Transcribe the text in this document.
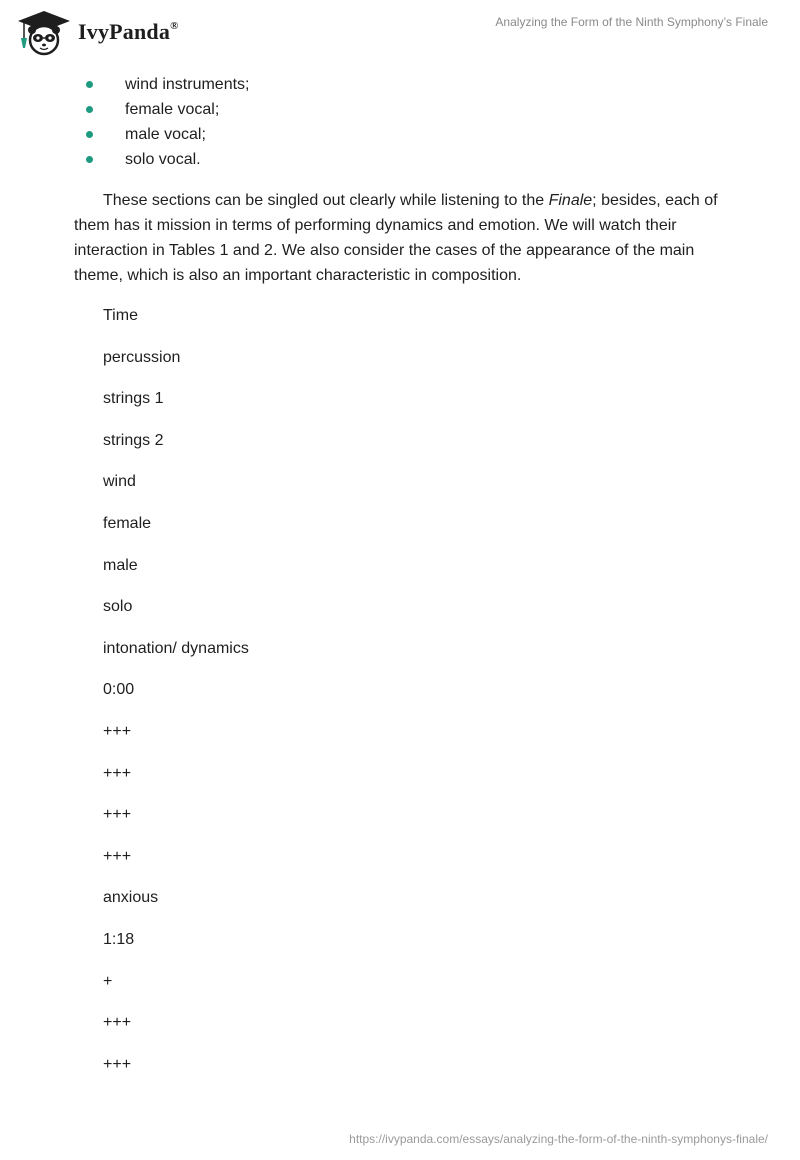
IvyPanda®	Analyzing the Form of the Ninth Symphony’s Finale
wind instruments;
female vocal;
male vocal;
solo vocal.

These sections can be singled out clearly while listening to the Finale; besides, each of them has it mission in terms of performing dynamics and emotion. We will watch their interaction in Tables 1 and 2. We also consider the cases of the appearance of the main theme, which is also an important characteristic in composition.

Time
percussion
strings 1
strings 2
wind
female
male
solo
intonation/ dynamics
0:00
+++
+++
+++
+++
anxious
1:18
+
+++
+++
https://ivypanda.com/essays/analyzing-the-form-of-the-ninth-symphonys-finale/
